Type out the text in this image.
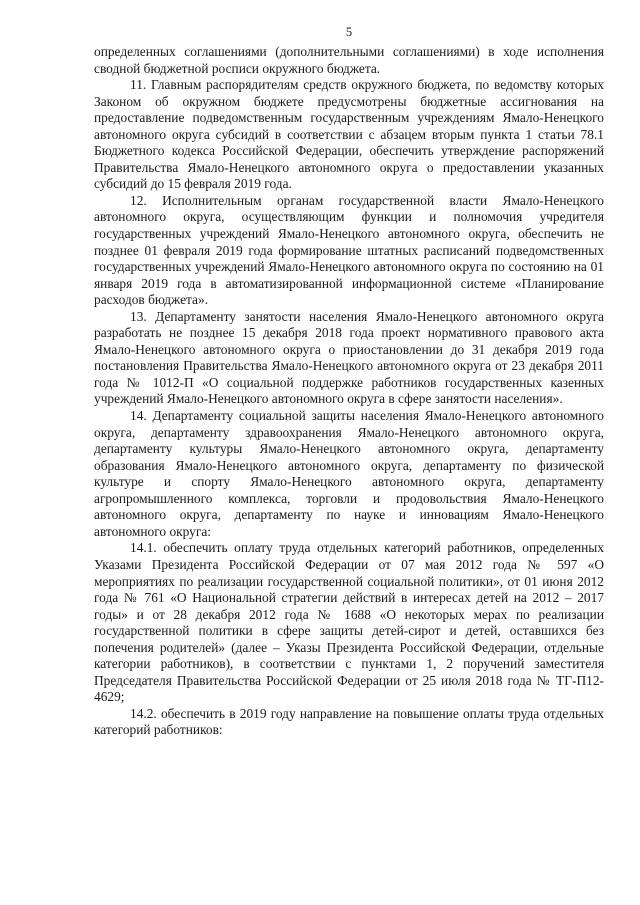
5

определенных соглашениями (дополнительными соглашениями) в ходе исполнения сводной бюджетной росписи окружного бюджета.

11. Главным распорядителям средств окружного бюджета, по ведомству которых Законом об окружном бюджете предусмотрены бюджетные ассигнования на предоставление подведомственным государственным учреждениям Ямало-Ненецкого автономного округа субсидий в соответствии с абзацем вторым пункта 1 статьи 78.1 Бюджетного кодекса Российской Федерации, обеспечить утверждение распоряжений Правительства Ямало-Ненецкого автономного округа о предоставлении указанных субсидий до 15 февраля 2019 года.

12. Исполнительным органам государственной власти Ямало-Ненецкого автономного округа, осуществляющим функции и полномочия учредителя государственных учреждений Ямало-Ненецкого автономного округа, обеспечить не позднее 01 февраля 2019 года формирование штатных расписаний подведомственных государственных учреждений Ямало-Ненецкого автономного округа по состоянию на 01 января 2019 года в автоматизированной информационной системе «Планирование расходов бюджета».

13. Департаменту занятости населения Ямало-Ненецкого автономного округа разработать не позднее 15 декабря 2018 года проект нормативного правового акта Ямало-Ненецкого автономного округа о приостановлении до 31 декабря 2019 года постановления Правительства Ямало-Ненецкого автономного округа от 23 декабря 2011 года № 1012-П «О социальной поддержке работников государственных казенных учреждений Ямало-Ненецкого автономного округа в сфере занятости населения».

14. Департаменту социальной защиты населения Ямало-Ненецкого автономного округа, департаменту здравоохранения Ямало-Ненецкого автономного округа, департаменту культуры Ямало-Ненецкого автономного округа, департаменту образования Ямало-Ненецкого автономного округа, департаменту по физической культуре и спорту Ямало-Ненецкого автономного округа, департаменту агропромышленного комплекса, торговли и продовольствия Ямало-Ненецкого автономного округа, департаменту по науке и инновациям Ямало-Ненецкого автономного округа:

14.1. обеспечить оплату труда отдельных категорий работников, определенных Указами Президента Российской Федерации от 07 мая 2012 года № 597 «О мероприятиях по реализации государственной социальной политики», от 01 июня 2012 года № 761 «О Национальной стратегии действий в интересах детей на 2012 – 2017 годы» и от 28 декабря 2012 года № 1688 «О некоторых мерах по реализации государственной политики в сфере защиты детей-сирот и детей, оставшихся без попечения родителей» (далее – Указы Президента Российской Федерации, отдельные категории работников), в соответствии с пунктами 1, 2 поручений заместителя Председателя Правительства Российской Федерации от 25 июля 2018 года № ТГ-П12-4629;

14.2. обеспечить в 2019 году направление на повышение оплаты труда отдельных категорий работников:
